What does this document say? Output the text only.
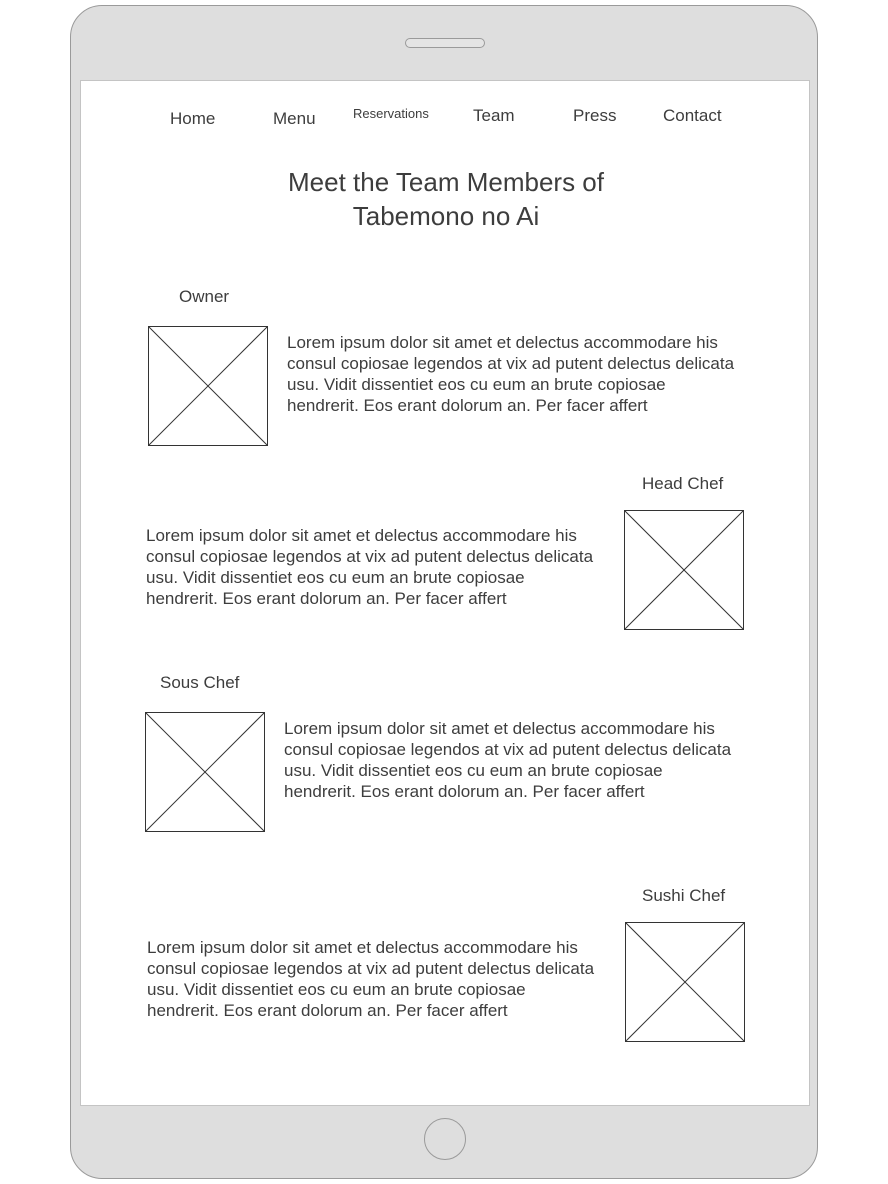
Home	Menu	Reservations	Team	Press	Contact
Meet the Team Members of
Tabemono no Ai
Owner

Lorem ipsum dolor sit amet et delectus accommodare his consul copiosae legendos at vix ad putent delectus delicata usu. Vidit dissentiet eos cu eum an brute copiosae hendrerit. Eos erant dolorum an. Per facer affert

Head Chef

Lorem ipsum dolor sit amet et delectus accommodare his consul copiosae legendos at vix ad putent delectus delicata usu. Vidit dissentiet eos cu eum an brute copiosae hendrerit. Eos erant dolorum an. Per facer affert

Sous Chef

Lorem ipsum dolor sit amet et delectus accommodare his consul copiosae legendos at vix ad putent delectus delicata usu. Vidit dissentiet eos cu eum an brute copiosae hendrerit. Eos erant dolorum an. Per facer affert

Sushi Chef

Lorem ipsum dolor sit amet et delectus accommodare his consul copiosae legendos at vix ad putent delectus delicata usu. Vidit dissentiet eos cu eum an brute copiosae hendrerit. Eos erant dolorum an. Per facer affert
